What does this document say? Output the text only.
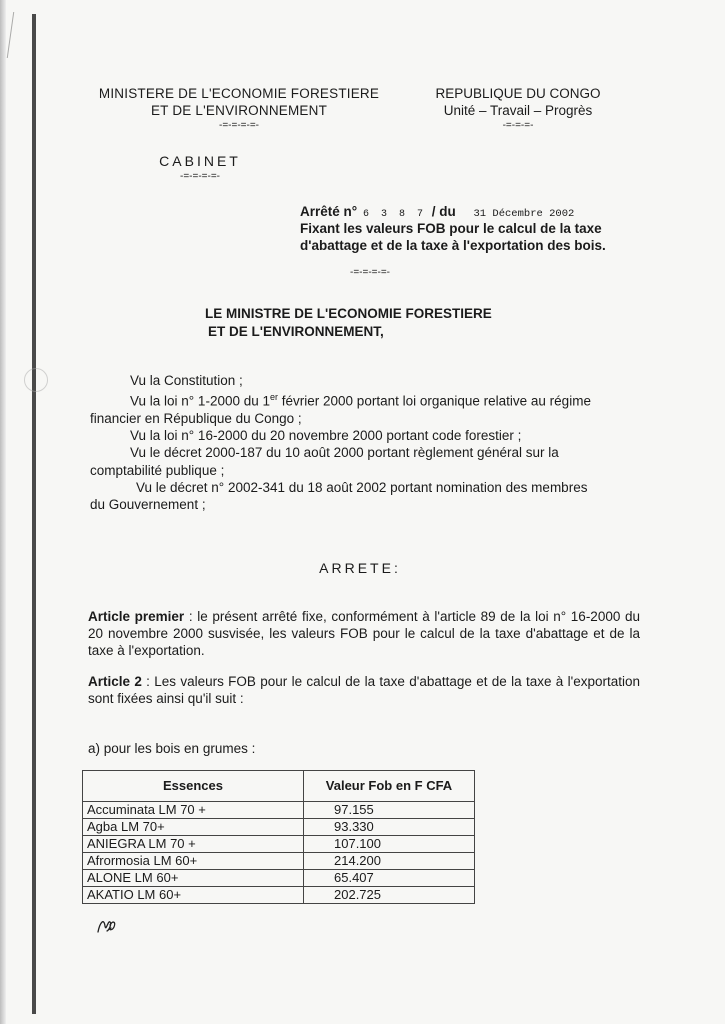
MINISTERE DE L'ECONOMIE FORESTIERE
ET DE L'ENVIRONNEMENT
-=-=-=-=-
REPUBLIQUE DU CONGO
Unité – Travail – Progrès
-=-=-=-
CABINET
-=-=-=-=-
Arrêté n° 6 3 8 7 / du 31 Décembre 2002
Fixant les valeurs FOB pour le calcul de la taxe
d'abattage et de la taxe à l'exportation des bois.
-=-=-=-=-
LE MINISTRE DE L'ECONOMIE FORESTIERE
ET DE L'ENVIRONNEMENT,
Vu la Constitution ;
Vu la loi n° 1-2000 du 1er février 2000 portant loi organique relative au régime
financier en République du Congo ;
Vu la loi n° 16-2000 du 20 novembre 2000 portant code forestier ;
Vu le décret 2000-187 du 10 août 2000 portant règlement général sur la
comptabilité publique ;
Vu le décret n° 2002-341 du 18 août 2002 portant nomination des membres
du Gouvernement ;
ARRETE:
Article premier : le présent arrêté fixe, conformément à l'article 89 de la loi n° 16-2000 du 20 novembre 2000 susvisée, les valeurs FOB pour le calcul de la taxe d'abattage et de la taxe à l'exportation.
Article 2 : Les valeurs FOB pour le calcul de la taxe d'abattage et de la taxe à l'exportation sont fixées ainsi qu'il suit :
a) pour les bois en grumes :
Essences	Valeur Fob en F CFA
Accuminata LM 70 +	97.155
Agba LM 70+	93.330
ANIEGRA LM 70 +	107.100
Afrormosia LM 60+	214.200
ALONE LM 60+	65.407
AKATIO LM 60+	202.725
